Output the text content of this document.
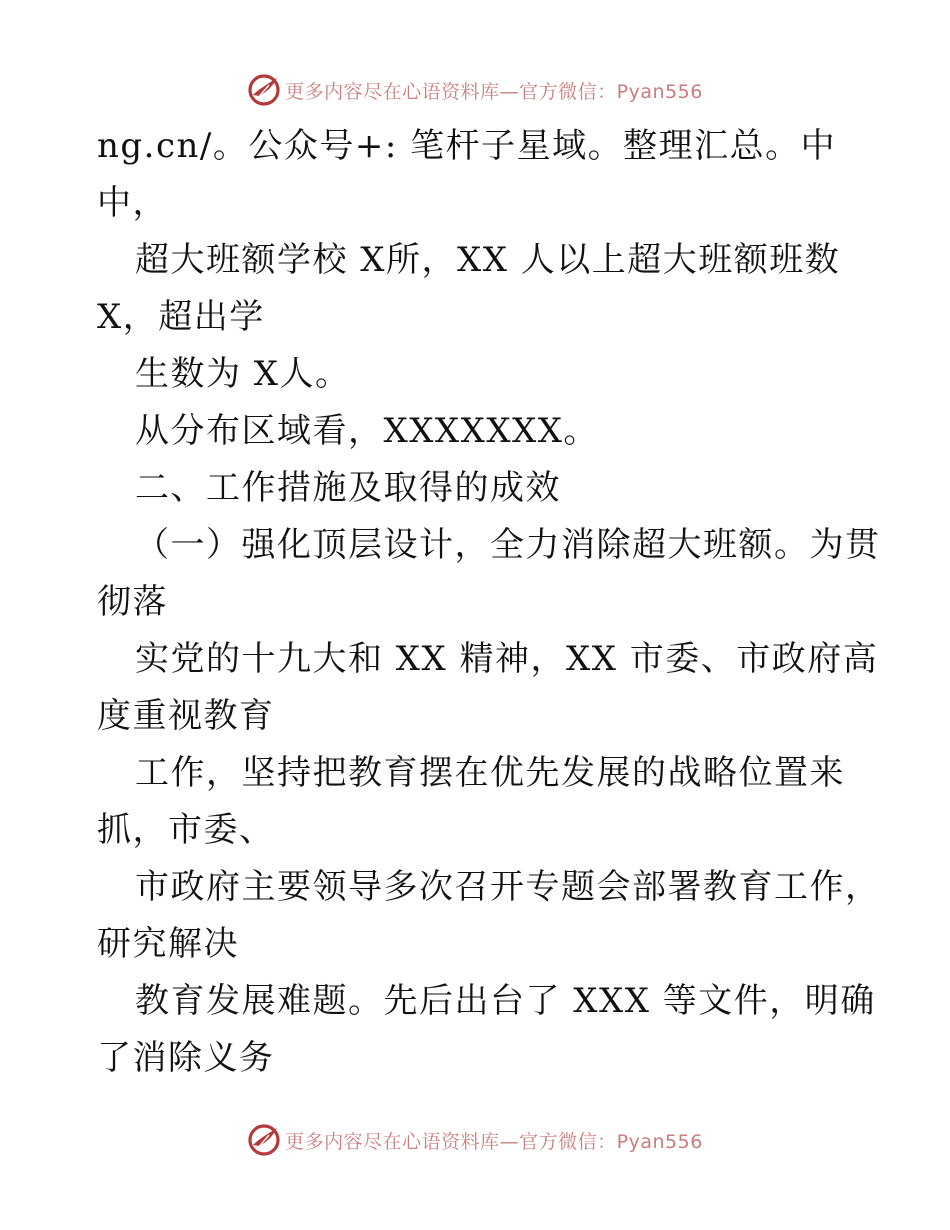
更多内容尽在心语资料库—官方微信：Pyan556
ng.cn/。公众号+: 笔杆子星域。整理汇总。中
中，
超大班额学校 X所，XX 人以上超大班额班数
X，超出学
生数为 X人。
从分布区域看，XXXXXXX。
二、工作措施及取得的成效
（一）强化顶层设计，全力消除超大班额。为贯
彻落
实党的十九大和 XX 精神，XX 市委、市政府高
度重视教育
工作，坚持把教育摆在优先发展的战略位置来
抓，市委、
市政府主要领导多次召开专题会部署教育工作，
研究解决
教育发展难题。先后出台了 XXX 等文件，明确
了消除义务
更多内容尽在心语资料库—官方微信：Pyan556
